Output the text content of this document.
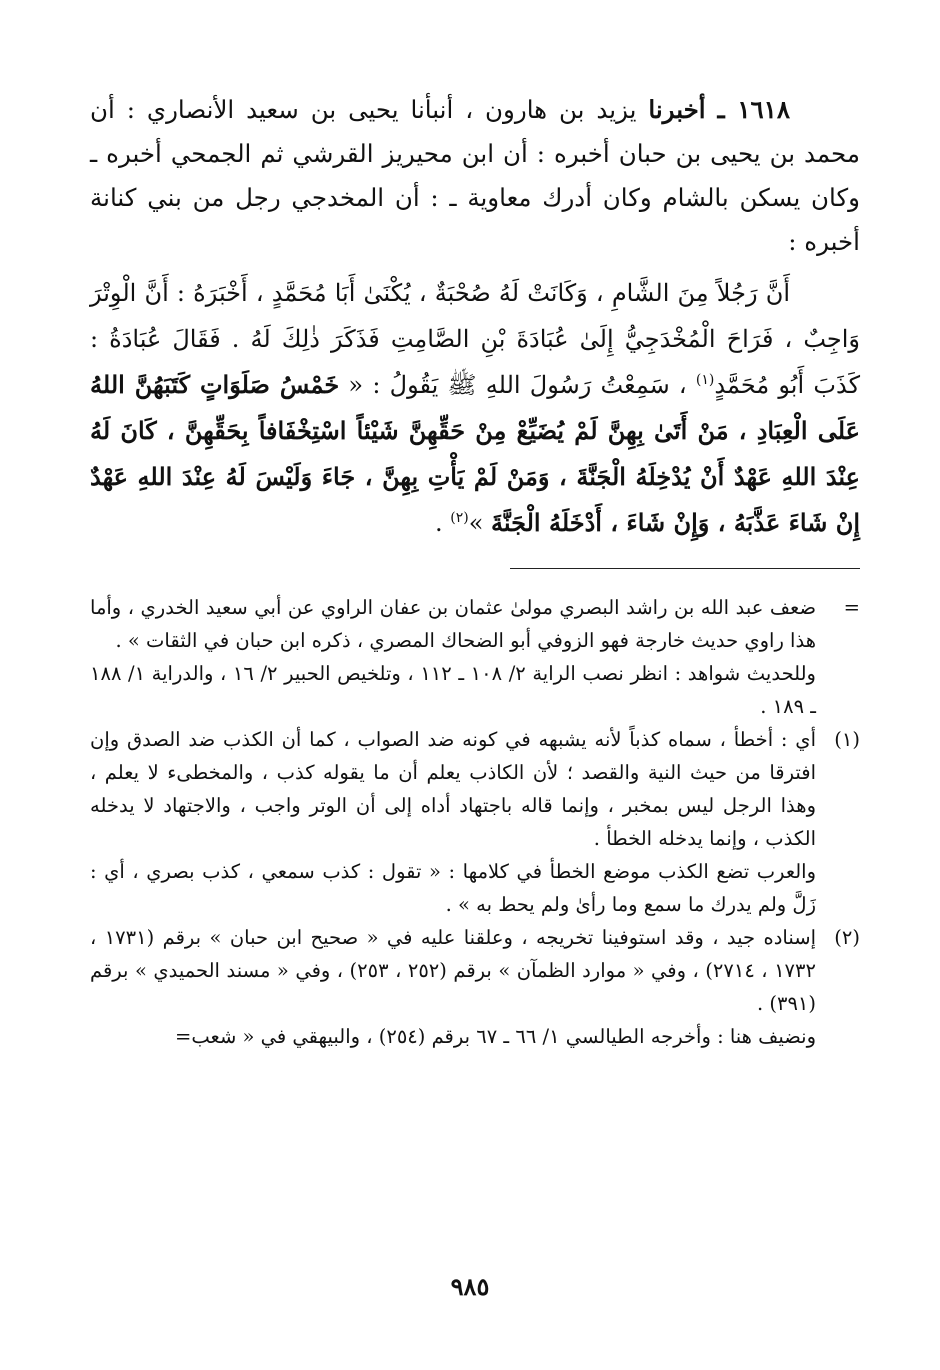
١٦١٨ ـ أخبرنا يزيد بن هارون ، أنبأنا يحيى بن سعيد الأنصاري : أن محمد بن يحيى بن حبان أخبره : أن ابن محيريز القرشي ثم الجمحي أخبره ـ وكان يسكن بالشام وكان أدرك معاوية ـ : أن المخدجي رجل من بني كنانة أخبره :

أَنَّ رَجُلاً مِنَ الشَّامِ ، وَكَانَتْ لَهُ صُحْبَةٌ ، يُكْنَىٰ أَبَا مُحَمَّدٍ ، أَخْبَرَهُ : أَنَّ الْوِتْرَ وَاجِبٌ ، فَرَاحَ الْمُخْدَجِيُّ إِلَىٰ عُبَادَةَ بْنِ الصَّامِتِ فَذَكَرَ ذٰلِكَ لَهُ . فَقَالَ عُبَادَةُ : كَذَبَ أَبُو مُحَمَّدٍ$^{(١)}$ ، سَمِعْتُ رَسُولَ اللهِ ﷺ يَقُولُ : « خَمْسُ صَلَوَاتٍ كَتَبَهُنَّ اللهُ عَلَى الْعِبَادِ ، مَنْ أَتَىٰ بِهِنَّ لَمْ يُضَيِّعْ مِنْ حَقِّهِنَّ شَيْئاً اسْتِخْفَافاً بِحَقِّهِنَّ ، كَانَ لَهُ عِنْدَ اللهِ عَهْدٌ أَنْ يُدْخِلَهُ الْجَنَّةَ ، وَمَنْ لَمْ يَأْتِ بِهِنَّ ، جَاءَ وَلَيْسَ لَهُ عِنْدَ اللهِ عَهْدٌ إِنْ شَاءَ عَذَّبَهُ ، وَإِنْ شَاءَ ، أَدْخَلَهُ الْجَنَّةَ »$^{(٢)}$ .

=

ضعف عبد الله بن راشد البصري مولىٰ عثمان بن عفان الراوي عن أبي سعيد الخدري ، وأما هذا راوي حديث خارجة فهو الزوفي أبو الضحاك المصري ، ذكره ابن حبان في الثقات » .

وللحديث شواهد : انظر نصب الراية ٢/ ١٠٨ ـ ١١٢ ، وتلخيص الحبير ٢/ ١٦ ، والدراية ١/ ١٨٨ ـ ١٨٩ .

(١)

أي : أخطأ ، سماه كذباً لأنه يشبهه في كونه ضد الصواب ، كما أن الكذب ضد الصدق وإن افترقا من حيث النية والقصد ؛ لأن الكاذب يعلم أن ما يقوله كذب ، والمخطىء لا يعلم ، وهذا الرجل ليس بمخبر ، وإنما قاله باجتهاد أداه إلى أن الوتر واجب ، والاجتهاد لا يدخله الكذب ، وإنما يدخله الخطأ .

والعرب تضع الكذب موضع الخطأ في كلامها : « تقول : كذب سمعي ، كذب بصري ، أي : زَلَّ ولم يدرك ما سمع وما رأىٰ ولم يحط به » .

(٢)

إسناده جيد ، وقد استوفينا تخريجه ، وعلقنا عليه في « صحيح ابن حبان » برقم (١٧٣١ ، ١٧٣٢ ، ٢٧١٤) ، وفي « موارد الظمآن » برقم (٢٥٢ ، ٢٥٣) ، وفي « مسند الحميدي » برقم (٣٩١) .

ونضيف هنا : وأخرجه الطيالسي ١/ ٦٦ ـ ٦٧ برقم (٢٥٤) ، والبيهقي في « شعب=

٩٨٥
